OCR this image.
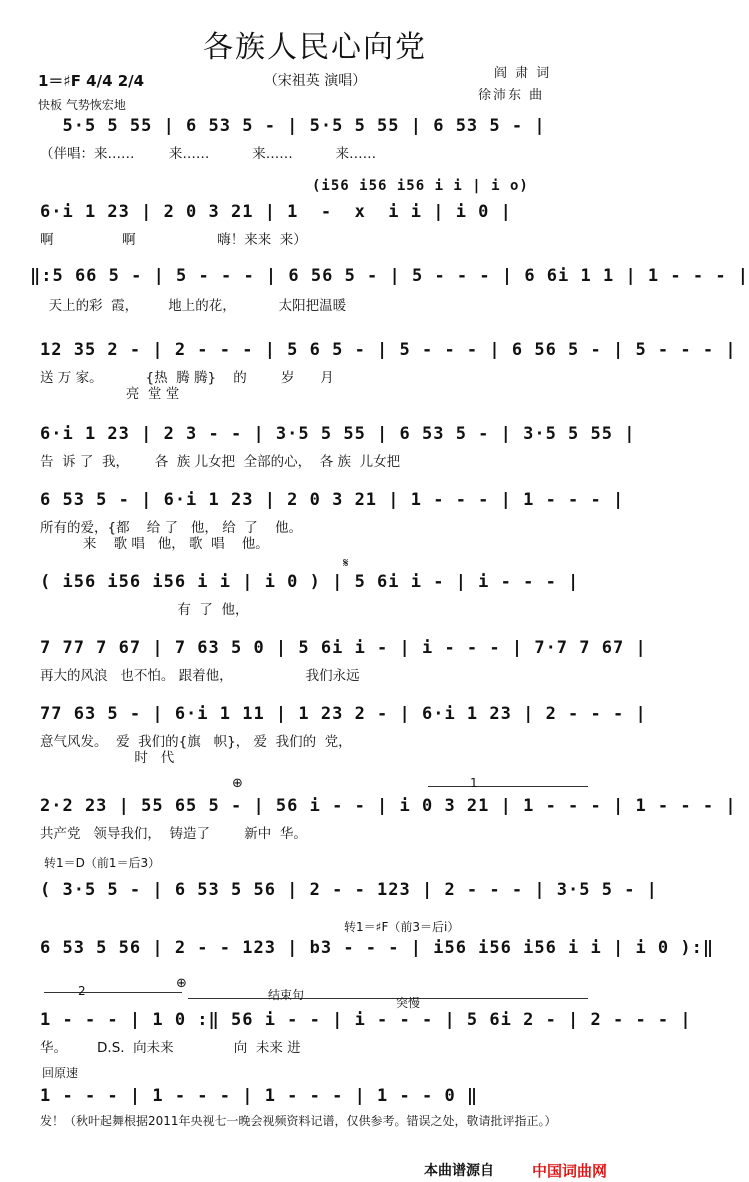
各族人民心向党
（宋祖英 演唱）	阎 肃 词
徐沛东 曲
1＝♯F 4/4 2/4
快板 气势恢宏地
5·5 5 55 | 6 53 5 - | 5·5 5 55 | 6 53 5 - |
（伴唱：来……        来……          来……          来……
(i56 i56 i56 i i | i o)
6·i 1 23 | 2 0 3 21 | 1  -  x  i i | i 0 |
啊                啊                   嗨！来来  来）
‖:5 66 5 - | 5 - - - | 6 56 5 - | 5 - - - | 6 6i 1 1 | 1 - - - |
天上的彩  霞，       地上的花，          太阳把温暖
12 35 2 - | 2 - - - | 5 6 5 - | 5 - - - | 6 56 5 - | 5 - - - |
送 万 家。          {热  腾 腾}    的        岁      月
亮  堂 堂
6·i 1 23 | 2 3 - - | 3·5 5 55 | 6 53 5 - | 3·5 5 55 |
告  诉 了  我，      各  族 儿女把  全部的心，  各 族  儿女把
6 53 5 - | 6·i 1 23 | 2 0 3 21 | 1 - - - | 1 - - - |
所有的爱，{都    给 了   他， 给  了    他。
来    歌 唱   他， 歌  唱    他。
𝄋
( i56 i56 i56 i i | i 0 ) | 5 6i i - | i - - - |
有  了  他，
7 77 7 67 | 7 63 5 0 | 5 6i i - | i - - - | 7·7 7 67 |
再大的风浪   也不怕。 跟着他，                 我们永远
77 63 5 - | 6·i 1 11 | 1 23 2 - | 6·i 1 23 | 2 - - - |
意气风发。  爱  我们的{旗   帜}， 爱  我们的  党，
时   代
⊕	1
2·2 23 | 55 65 5 - | 56 i - - | i 0 3 21 | 1 - - - | 1 - - - |
共产党   领导我们，  铸造了        新中  华。
转1＝D（前1＝后3）
( 3·5 5 - | 6 53 5 56 | 2 - - 123 | 2 - - - | 3·5 5 - |
转1＝♯F（前3＝后i）
6 53 5 56 | 2 - - 123 | b3 - - - | i56 i56 i56 i i | i 0 ):‖
2	⊕
结束句
突慢
1 - - - | 1 0 :‖ 56 i - - | i - - - | 5 6i 2 - | 2 - - - |
华。       D.S.  向未来              向  未来 进
回原速
1 - - - | 1 - - - | 1 - - - | 1 - - 0 ‖
发！（秋叶起舞根据2011年央视七一晚会视频资料记谱，仅供参考。错误之处，敬请批评指正。）
本曲谱源自	中国词曲网
